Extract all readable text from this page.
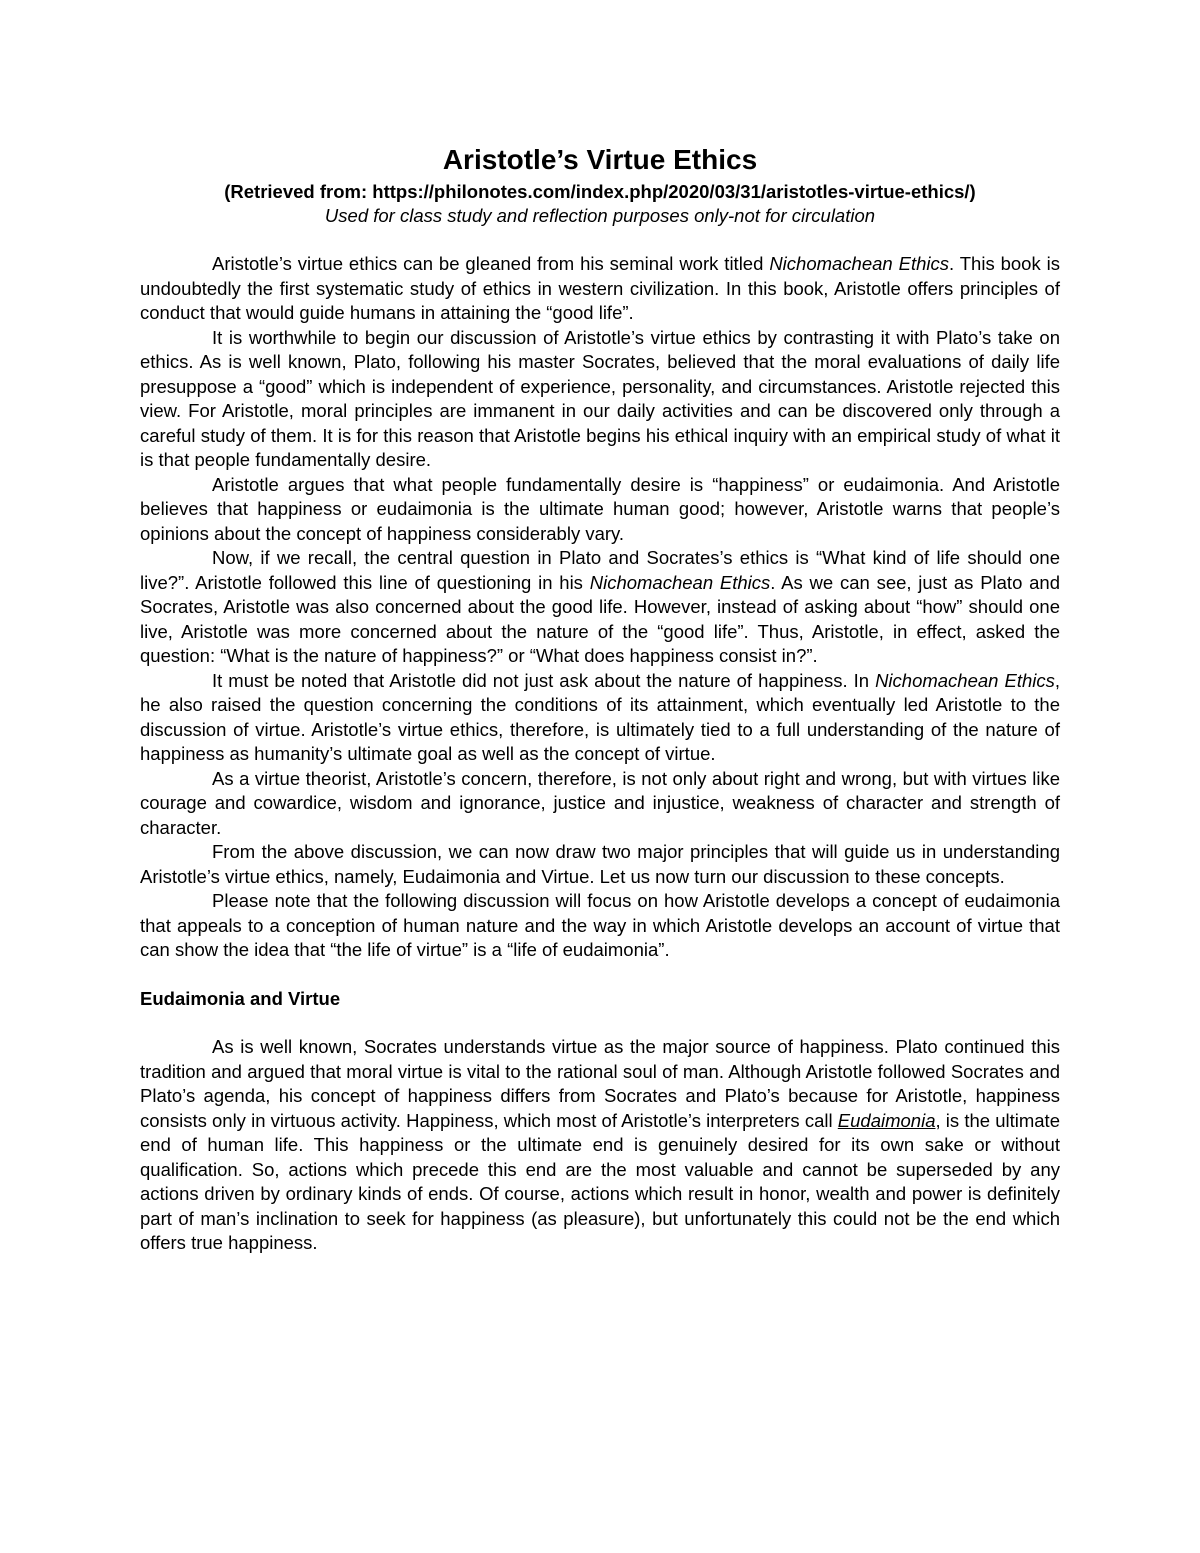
Aristotle’s Virtue Ethics

(Retrieved from: https://philonotes.com/index.php/2020/03/31/aristotles-virtue-ethics/)

Used for class study and reflection purposes only-not for circulation

Aristotle’s virtue ethics can be gleaned from his seminal work titled Nichomachean Ethics. This book is undoubtedly the first systematic study of ethics in western civilization. In this book, Aristotle offers principles of conduct that would guide humans in attaining the “good life”.

It is worthwhile to begin our discussion of Aristotle’s virtue ethics by contrasting it with Plato’s take on ethics. As is well known, Plato, following his master Socrates, believed that the moral evaluations of daily life presuppose a “good” which is independent of experience, personality, and circumstances. Aristotle rejected this view. For Aristotle, moral principles are immanent in our daily activities and can be discovered only through a careful study of them. It is for this reason that Aristotle begins his ethical inquiry with an empirical study of what it is that people fundamentally desire.

Aristotle argues that what people fundamentally desire is “happiness” or eudaimonia. And Aristotle believes that happiness or eudaimonia is the ultimate human good; however, Aristotle warns that people’s opinions about the concept of happiness considerably vary.

Now, if we recall, the central question in Plato and Socrates’s ethics is “What kind of life should one live?”. Aristotle followed this line of questioning in his Nichomachean Ethics. As we can see, just as Plato and Socrates, Aristotle was also concerned about the good life. However, instead of asking about “how” should one live, Aristotle was more concerned about the nature of the “good life”. Thus, Aristotle, in effect, asked the question: “What is the nature of happiness?” or “What does happiness consist in?”.

It must be noted that Aristotle did not just ask about the nature of happiness. In Nichomachean Ethics, he also raised the question concerning the conditions of its attainment, which eventually led Aristotle to the discussion of virtue. Aristotle’s virtue ethics, therefore, is ultimately tied to a full understanding of the nature of happiness as humanity’s ultimate goal as well as the concept of virtue.

As a virtue theorist, Aristotle’s concern, therefore, is not only about right and wrong, but with virtues like courage and cowardice, wisdom and ignorance, justice and injustice, weakness of character and strength of character.

From the above discussion, we can now draw two major principles that will guide us in understanding Aristotle’s virtue ethics, namely, Eudaimonia and Virtue. Let us now turn our discussion to these concepts.

Please note that the following discussion will focus on how Aristotle develops a concept of eudaimonia that appeals to a conception of human nature and the way in which Aristotle develops an account of virtue that can show the idea that “the life of virtue” is a “life of eudaimonia”.

Eudaimonia and Virtue

As is well known, Socrates understands virtue as the major source of happiness. Plato continued this tradition and argued that moral virtue is vital to the rational soul of man. Although Aristotle followed Socrates and Plato’s agenda, his concept of happiness differs from Socrates and Plato’s because for Aristotle, happiness consists only in virtuous activity. Happiness, which most of Aristotle’s interpreters call Eudaimonia, is the ultimate end of human life. This happiness or the ultimate end is genuinely desired for its own sake or without qualification. So, actions which precede this end are the most valuable and cannot be superseded by any actions driven by ordinary kinds of ends. Of course, actions which result in honor, wealth and power is definitely part of man’s inclination to seek for happiness (as pleasure), but unfortunately this could not be the end which offers true happiness.
